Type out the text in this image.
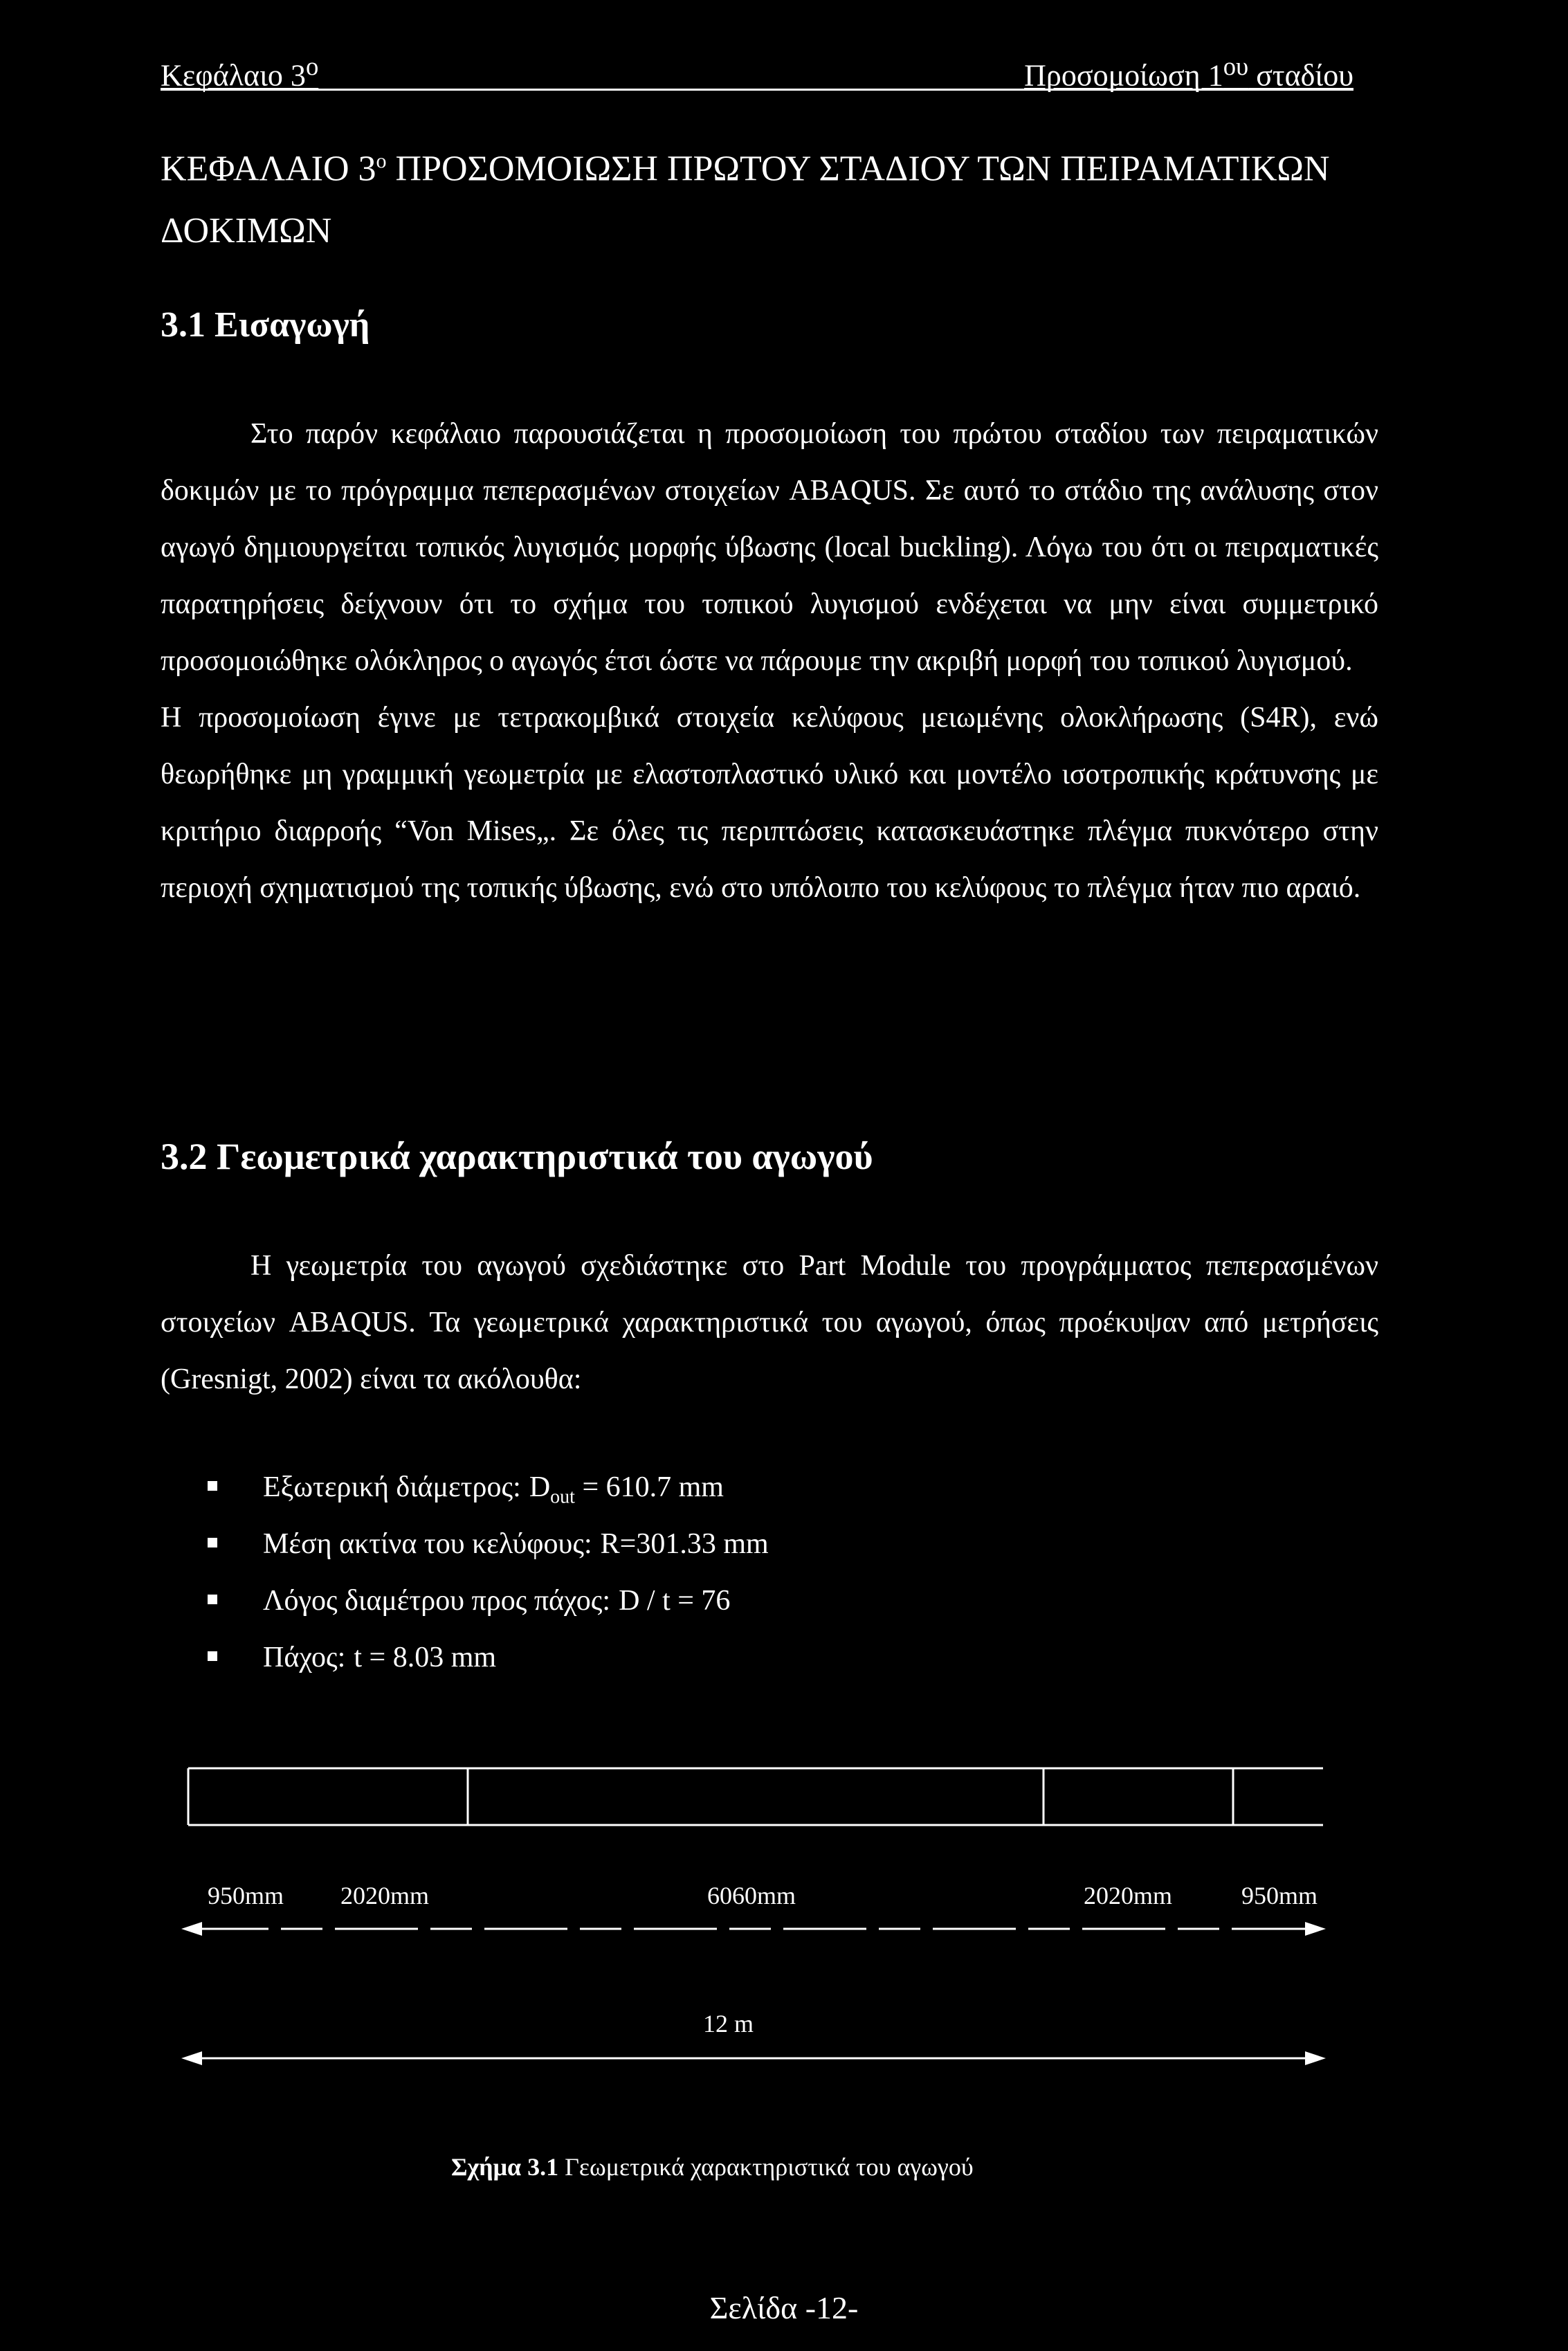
Κεφάλαιο $3^o$	Προσομοίωση $1^{o\upsilon}$ σταδίου
ΚΕΦΑΛΑΙΟ $3^o$ ΠΡΟΣΟΜΟΙΩΣΗ ΠΡΩΤΟΥ ΣΤΑΔΙΟΥ ΤΩΝ ΠΕΙΡΑΜΑΤΙΚΩΝ ΔΟΚΙΜΩΝ
3.1 Εισαγωγή

Στο παρόν κεφάλαιο παρουσιάζεται η προσομοίωση του πρώτου σταδίου των πειραματικών δοκιμών με το πρόγραμμα πεπερασμένων στοιχείων ABAQUS. Σε αυτό το στάδιο της ανάλυσης στον αγωγό δημιουργείται τοπικός λυγισμός μορφής ύβωσης (local buckling). Λόγω του ότι οι πειραματικές παρατηρήσεις δείχνουν ότι το σχήμα του τοπικού λυγισμού ενδέχεται να μην είναι συμμετρικό προσομοιώθηκε ολόκληρος ο αγωγός έτσι ώστε να πάρουμε την ακριβή μορφή του τοπικού λυγισμού.

Η προσομοίωση έγινε με τετρακομβικά στοιχεία κελύφους μειωμένης ολοκλήρωσης (S4R), ενώ θεωρήθηκε μη γραμμική γεωμετρία με ελαστοπλαστικό υλικό και μοντέλο ισοτροπικής κράτυνσης με κριτήριο διαρροής “Von Mises„. Σε όλες τις περιπτώσεις κατασκευάστηκε πλέγμα πυκνότερο στην περιοχή σχηματισμού της τοπικής ύβωσης, ενώ στο υπόλοιπο του κελύφους το πλέγμα ήταν πιο αραιό.

3.2 Γεωμετρικά χαρακτηριστικά του αγωγού

Η γεωμετρία του αγωγού σχεδιάστηκε στο Part Module του προγράμματος πεπερασμένων στοιχείων ABAQUS. Τα γεωμετρικά χαρακτηριστικά του αγωγού, όπως προέκυψαν από μετρήσεις (Gresnigt, 2002) είναι τα ακόλουθα:

Εξωτερική διάμετρος: $D_{out} = 610.7$ mm
Μέση ακτίνα του κελύφους: R=301.33 mm
Λόγος διαμέτρου προς πάχος: D / t = 76
Πάχος: t = 8.03 mm
950mm 2020mm	6060mm	2020mm	950mm
12 m
Σχήμα 3.1 Γεωμετρικά χαρακτηριστικά του αγωγού
Σελίδα -12-
